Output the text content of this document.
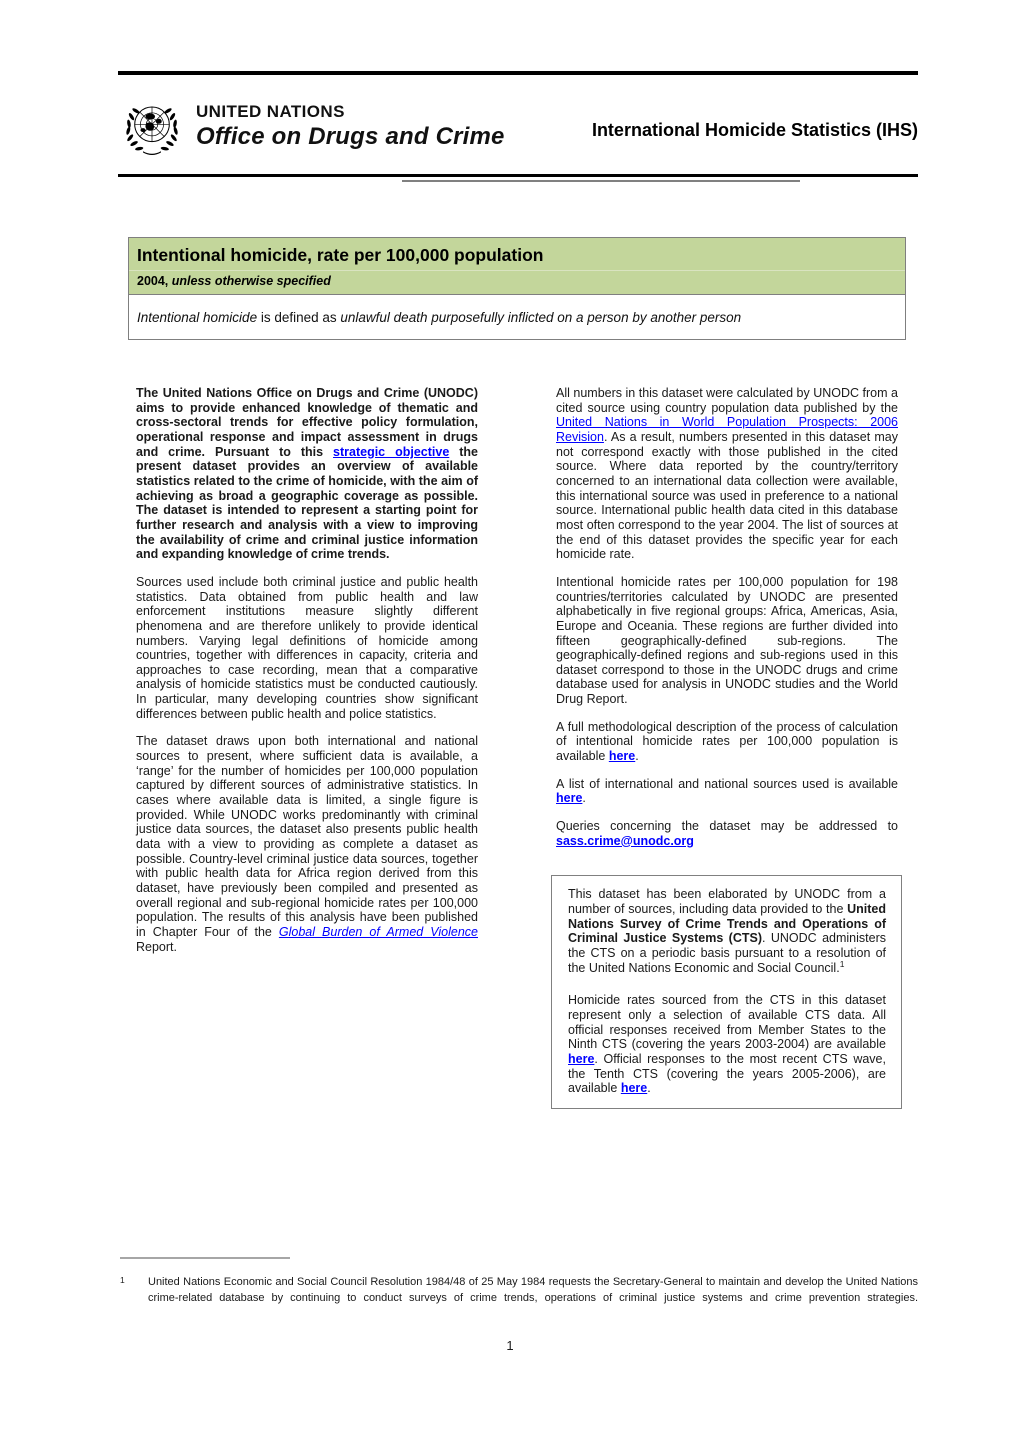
UNITED NATIONS
Office on Drugs and Crime	International Homicide Statistics (IHS)
Intentional homicide, rate per 100,000 population
2004, unless otherwise specified
Intentional homicide is defined as unlawful death purposefully inflicted on a person by another person

The United Nations Office on Drugs and Crime (UNODC) aims to provide enhanced knowledge of thematic and cross-sectoral trends for effective policy formulation, operational response and impact assessment in drugs and crime. Pursuant to this strategic objective the present dataset provides an overview of available statistics related to the crime of homicide, with the aim of achieving as broad a geographic coverage as possible. The dataset is intended to represent a starting point for further research and analysis with a view to improving the availability of crime and criminal justice information and expanding knowledge of crime trends.

Sources used include both criminal justice and public health statistics. Data obtained from public health and law enforcement institutions measure slightly different phenomena and are therefore unlikely to provide identical numbers. Varying legal definitions of homicide among countries, together with differences in capacity, criteria and approaches to case recording, mean that a comparative analysis of homicide statistics must be conducted cautiously. In particular, many developing countries show significant differences between public health and police statistics.

The dataset draws upon both international and national sources to present, where sufficient data is available, a ‘range’ for the number of homicides per 100,000 population captured by different sources of administrative statistics. In cases where available data is limited, a single figure is provided. While UNODC works predominantly with criminal justice data sources, the dataset also presents public health data with a view to providing as complete a dataset as possible. Country-level criminal justice data sources, together with public health data for Africa region derived from this dataset, have previously been compiled and presented as overall regional and sub-regional homicide rates per 100,000 population. The results of this analysis have been published in Chapter Four of the Global Burden of Armed Violence Report.

All numbers in this dataset were calculated by UNODC from a cited source using country population data published by the United Nations in World Population Prospects: 2006 Revision. As a result, numbers presented in this dataset may not correspond exactly with those published in the cited source. Where data reported by the country/territory concerned to an international data collection were available, this international source was used in preference to a national source. International public health data cited in this database most often correspond to the year 2004. The list of sources at the end of this dataset provides the specific year for each homicide rate.

Intentional homicide rates per 100,000 population for 198 countries/territories calculated by UNODC are presented alphabetically in five regional groups: Africa, Americas, Asia, Europe and Oceania. These regions are further divided into fifteen geographically-defined sub-regions. The geographically-defined regions and sub-regions used in this dataset correspond to those in the UNODC drugs and crime database used for analysis in UNODC studies and the World Drug Report.

A full methodological description of the process of calculation of intentional homicide rates per 100,000 population is available here.

A list of international and national sources used is available here.

Queries concerning the dataset may be addressed to sass.crime@unodc.org

This dataset has been elaborated by UNODC from a number of sources, including data provided to the United Nations Survey of Crime Trends and Operations of Criminal Justice Systems (CTS). UNODC administers the CTS on a periodic basis pursuant to a resolution of the United Nations Economic and Social Council.$^1$

Homicide rates sourced from the CTS in this dataset represent only a selection of available CTS data. All official responses received from Member States to the Ninth CTS (covering the years 2003-2004) are available here. Official responses to the most recent CTS wave, the Tenth CTS (covering the years 2005-2006), are available here.

1	United Nations Economic and Social Council Resolution 1984/48 of 25 May 1984 requests the Secretary-General to maintain and develop the United Nations crime-related database by continuing to conduct surveys of crime trends, operations of criminal justice systems and crime prevention strategies.
1
